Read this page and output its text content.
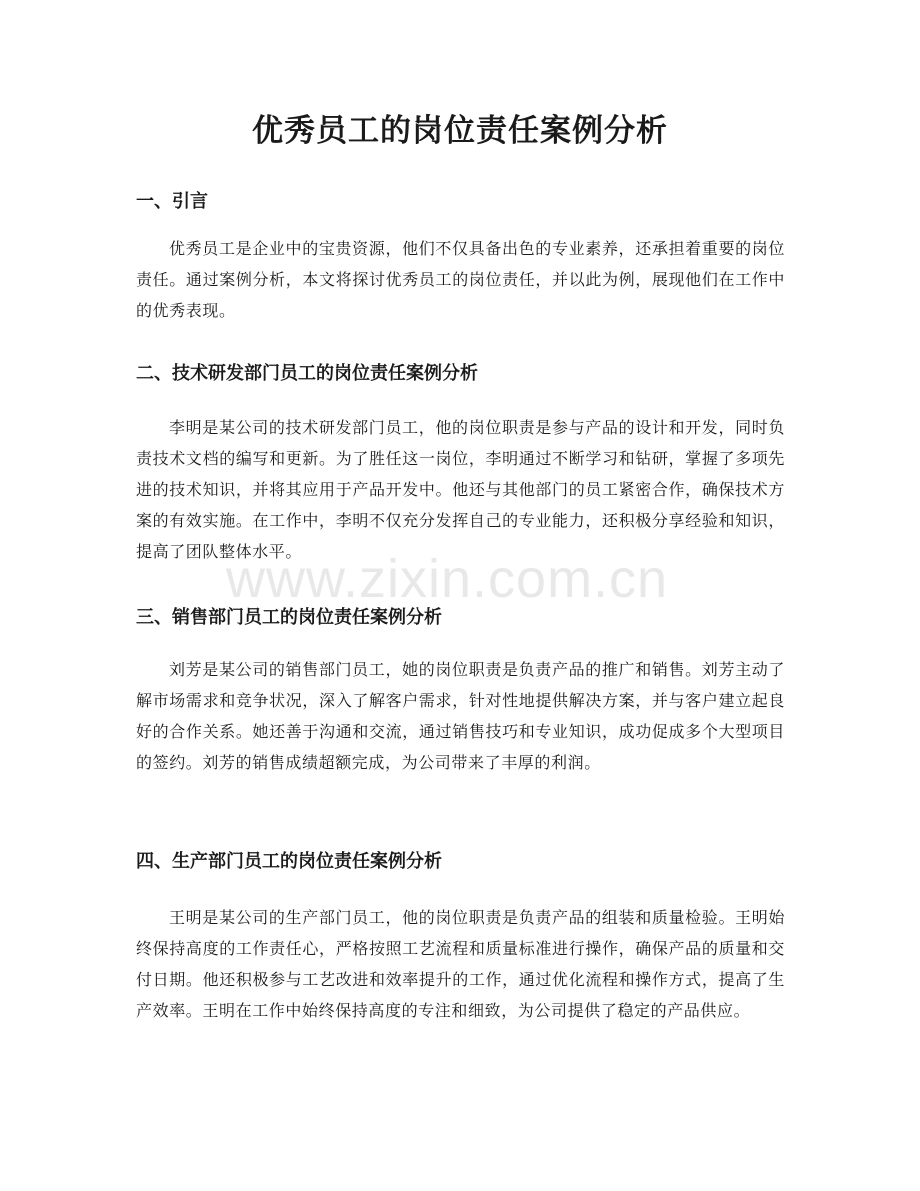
优秀员工的岗位责任案例分析
一、引言

优秀员工是企业中的宝贵资源，他们不仅具备出色的专业素养，还承担着重要的岗位责任。通过案例分析，本文将探讨优秀员工的岗位责任，并以此为例，展现他们在工作中的优秀表现。

二、技术研发部门员工的岗位责任案例分析

李明是某公司的技术研发部门员工，他的岗位职责是参与产品的设计和开发，同时负责技术文档的编写和更新。为了胜任这一岗位，李明通过不断学习和钻研，掌握了多项先进的技术知识，并将其应用于产品开发中。他还与其他部门的员工紧密合作，确保技术方案的有效实施。在工作中，李明不仅充分发挥自己的专业能力，还积极分享经验和知识，提高了团队整体水平。

三、销售部门员工的岗位责任案例分析

刘芳是某公司的销售部门员工，她的岗位职责是负责产品的推广和销售。刘芳主动了解市场需求和竞争状况，深入了解客户需求，针对性地提供解决方案，并与客户建立起良好的合作关系。她还善于沟通和交流，通过销售技巧和专业知识，成功促成多个大型项目的签约。刘芳的销售成绩超额完成，为公司带来了丰厚的利润。

四、生产部门员工的岗位责任案例分析

王明是某公司的生产部门员工，他的岗位职责是负责产品的组装和质量检验。王明始终保持高度的工作责任心，严格按照工艺流程和质量标准进行操作，确保产品的质量和交付日期。他还积极参与工艺改进和效率提升的工作，通过优化流程和操作方式，提高了生产效率。王明在工作中始终保持高度的专注和细致，为公司提供了稳定的产品供应。

www.zixin.com.cn
